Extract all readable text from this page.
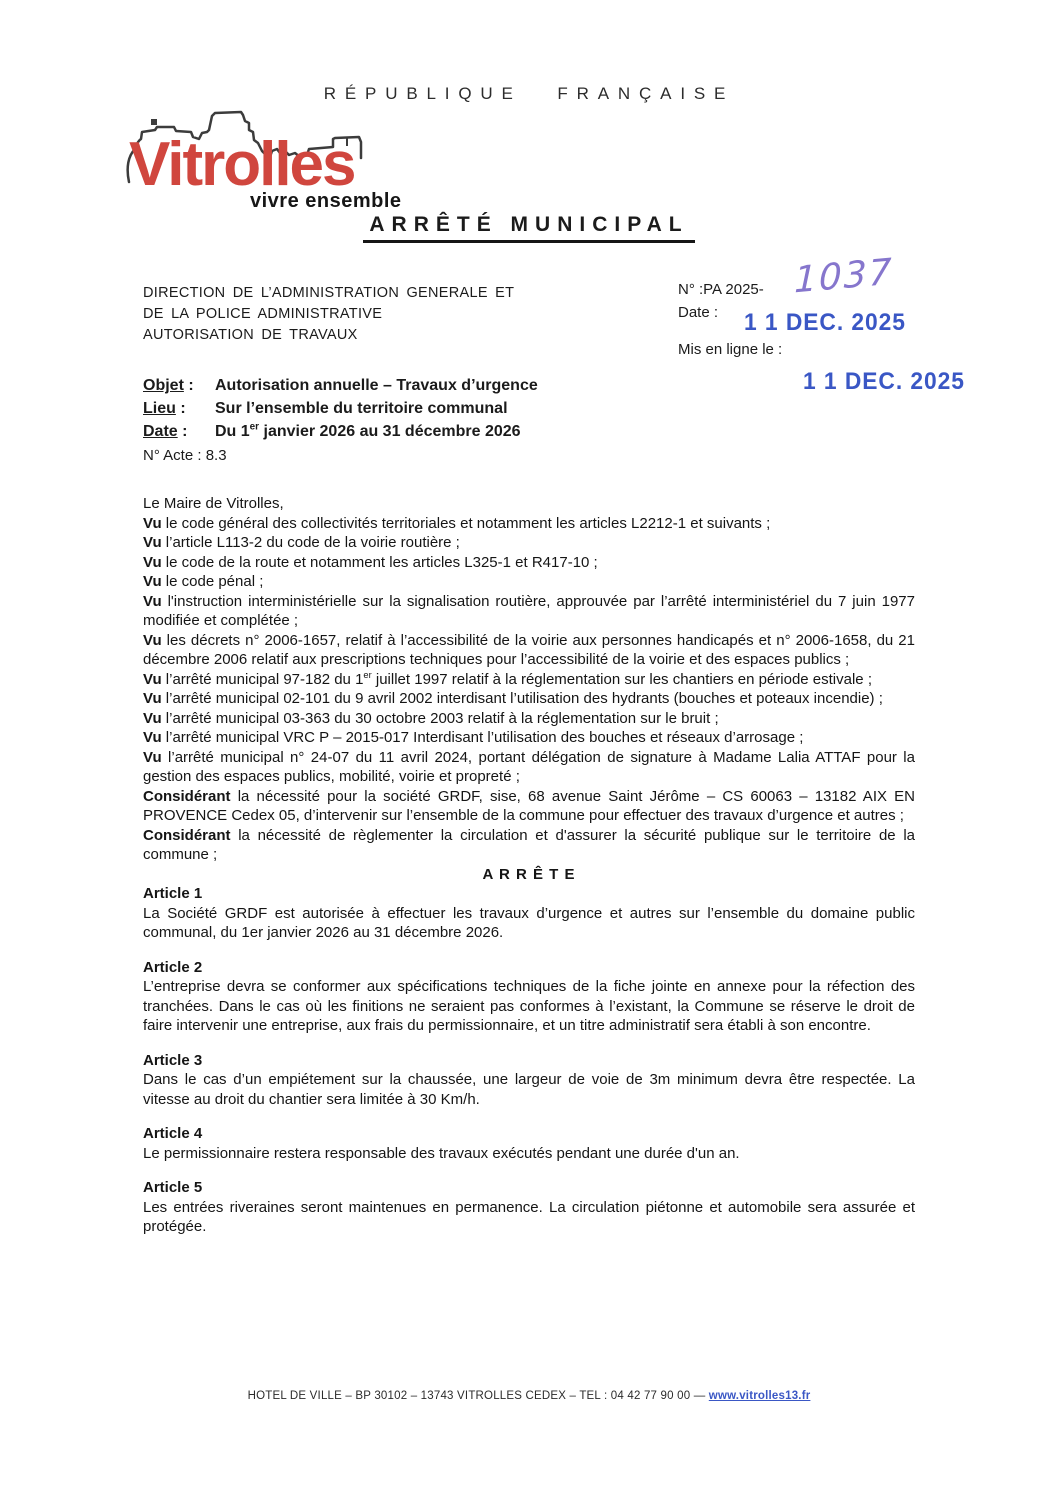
RÉPUBLIQUE FRANÇAISE
Vitrolles
vivre ensemble
ARRÊTÉ MUNICIPAL
DIRECTION DE L’ADMINISTRATION GENERALE ET
DE LA POLICE ADMINISTRATIVE
AUTORISATION DE TRAVAUX
N° :PA 2025- 1037
Date : 1 1 DEC. 2025
Mis en ligne le :
1 1 DEC. 2025
Objet :	Autorisation annuelle – Travaux d’urgence
Lieu :	Sur l’ensemble du territoire communal
Date :	Du 1er janvier 2026 au 31 décembre 2026
N° Acte : 8.3

Le Maire de Vitrolles,

Vu le code général des collectivités territoriales et notamment les articles L2212-1 et suivants ;

Vu l’article L113-2 du code de la voirie routière ;

Vu le code de la route et notamment les articles L325-1 et R417-10 ;

Vu le code pénal ;

Vu l'instruction interministérielle sur la signalisation routière, approuvée par l’arrêté interministériel du 7 juin 1977 modifiée et complétée ;

Vu les décrets n° 2006-1657, relatif à l’accessibilité de la voirie aux personnes handicapés et n° 2006-1658, du 21 décembre 2006 relatif aux prescriptions techniques pour l’accessibilité de la voirie et des espaces publics ;

Vu l’arrêté municipal 97-182 du 1er juillet 1997 relatif à la réglementation sur les chantiers en période estivale ;

Vu l’arrêté municipal 02-101 du 9 avril 2002 interdisant l’utilisation des hydrants (bouches et poteaux incendie) ;

Vu l’arrêté municipal 03-363 du 30 octobre 2003 relatif à la réglementation sur le bruit ;

Vu l’arrêté municipal VRC P – 2015-017 Interdisant l’utilisation des bouches et réseaux d’arrosage ;

Vu l’arrêté municipal n° 24-07 du 11 avril 2024, portant délégation de signature à Madame Lalia ATTAF pour la gestion des espaces publics, mobilité, voirie et propreté ;

Considérant la nécessité pour la société GRDF, sise, 68 avenue Saint Jérôme – CS 60063 – 13182 AIX EN PROVENCE Cedex 05, d’intervenir sur l’ensemble de la commune pour effectuer des travaux d’urgence et autres ;

Considérant la nécessité de règlementer la circulation et d'assurer la sécurité publique sur le territoire de la commune ;

A R R Ê T E

Article 1

La Société GRDF est autorisée à effectuer les travaux d’urgence et autres sur l’ensemble du domaine public communal, du 1er janvier 2026 au 31 décembre 2026.

Article 2

L’entreprise devra se conformer aux spécifications techniques de la fiche jointe en annexe pour la réfection des tranchées. Dans le cas où les finitions ne seraient pas conformes à l’existant, la Commune se réserve le droit de faire intervenir une entreprise, aux frais du permissionnaire, et un titre administratif sera établi à son encontre.

Article 3

Dans le cas d’un empiétement sur la chaussée, une largeur de voie de 3m minimum devra être respectée. La vitesse au droit du chantier sera limitée à 30 Km/h.

Article 4

Le permissionnaire restera responsable des travaux exécutés pendant une durée d'un an.

Article 5

Les entrées riveraines seront maintenues en permanence. La circulation piétonne et automobile sera assurée et protégée.

HOTEL DE VILLE – BP 30102 – 13743 VITROLLES CEDEX – TEL : 04 42 77 90 00 — www.vitrolles13.fr
